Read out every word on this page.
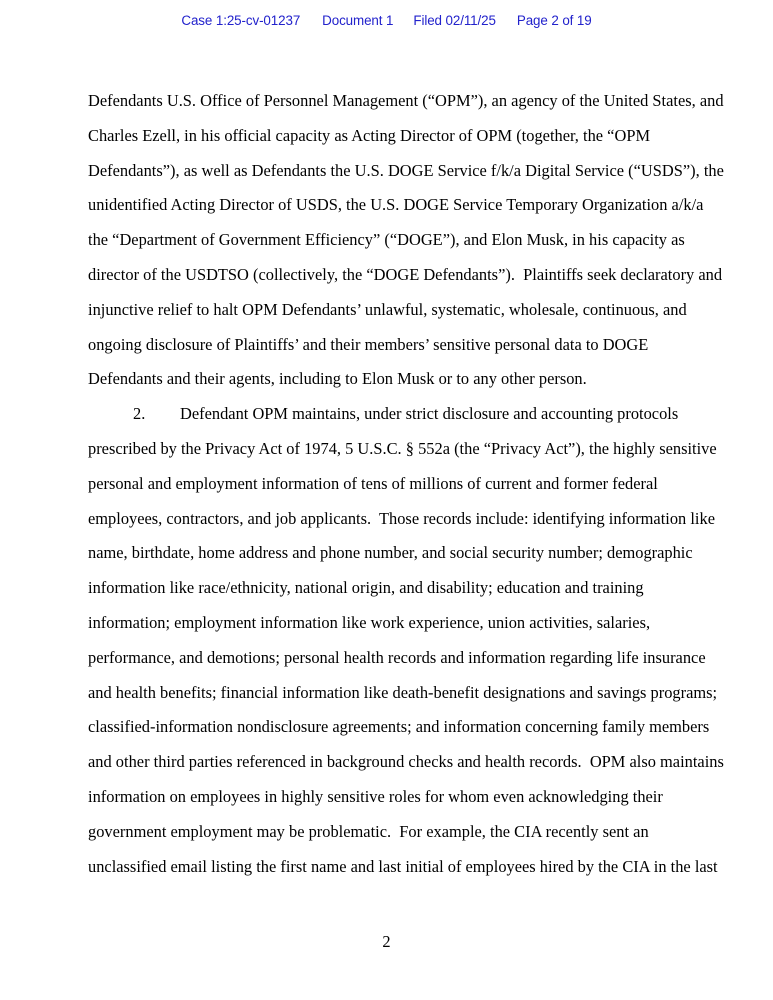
Case 1:25-cv-01237 Document 1 Filed 02/11/25 Page 2 of 19
Defendants U.S. Office of Personnel Management (“OPM”), an agency of the United States, and
Charles Ezell, in his official capacity as Acting Director of OPM (together, the “OPM
Defendants”), as well as Defendants the U.S. DOGE Service f/k/a Digital Service (“USDS”), the
unidentified Acting Director of USDS, the U.S. DOGE Service Temporary Organization a/k/a
the “Department of Government Efficiency” (“DOGE”), and Elon Musk, in his capacity as
director of the USDTSO (collectively, the “DOGE Defendants”).  Plaintiffs seek declaratory and
injunctive relief to halt OPM Defendants’ unlawful, systematic, wholesale, continuous, and
ongoing disclosure of Plaintiffs’ and their members’ sensitive personal data to DOGE
Defendants and their agents, including to Elon Musk or to any other person.
2. Defendant OPM maintains, under strict disclosure and accounting protocols
prescribed by the Privacy Act of 1974, 5 U.S.C. § 552a (the “Privacy Act”), the highly sensitive
personal and employment information of tens of millions of current and former federal
employees, contractors, and job applicants.  Those records include: identifying information like
name, birthdate, home address and phone number, and social security number; demographic
information like race/ethnicity, national origin, and disability; education and training
information; employment information like work experience, union activities, salaries,
performance, and demotions; personal health records and information regarding life insurance
and health benefits; financial information like death-benefit designations and savings programs;
classified-information nondisclosure agreements; and information concerning family members
and other third parties referenced in background checks and health records.  OPM also maintains
information on employees in highly sensitive roles for whom even acknowledging their
government employment may be problematic.  For example, the CIA recently sent an
unclassified email listing the first name and last initial of employees hired by the CIA in the last
2
